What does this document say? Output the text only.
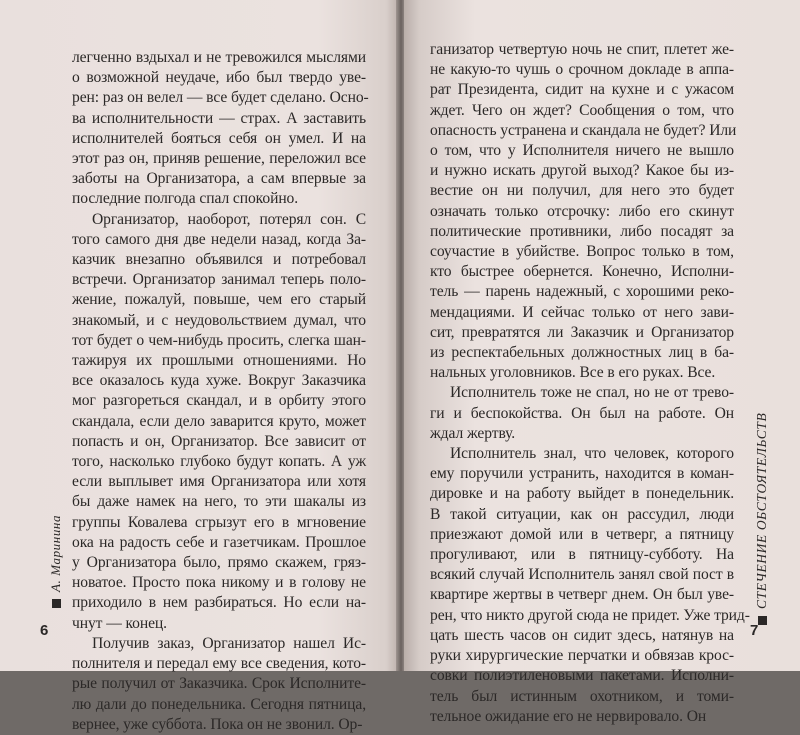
легченно вздыхал и не тревожился мыслями
о возможной неудаче, ибо был твердо уве-
рен: раз он велел — все будет сделано. Осно-
ва исполнительности — страх. А заставить
исполнителей бояться себя он умел. И на
этот раз он, приняв решение, переложил все
заботы на Организатора, а сам впервые за
последние полгода спал спокойно.
Организатор, наоборот, потерял сон. С
того самого дня две недели назад, когда За-
казчик внезапно объявился и потребовал
встречи. Организатор занимал теперь поло-
жение, пожалуй, повыше, чем его старый
знакомый, и с неудовольствием думал, что
тот будет о чем-нибудь просить, слегка шан-
тажируя их прошлыми отношениями. Но
все оказалось куда хуже. Вокруг Заказчика
мог разгореться скандал, и в орбиту этого
скандала, если дело заварится круто, может
попасть и он, Организатор. Все зависит от
того, насколько глубоко будут копать. А уж
если выплывет имя Организатора или хотя
бы даже намек на него, то эти шакалы из
группы Ковалева сгрызут его в мгновение
ока на радость себе и газетчикам. Прошлое
у Организатора было, прямо скажем, гряз-
новатое. Просто пока никому и в голову не
приходило в нем разбираться. Но если на-
чнут — конец.
Получив заказ, Организатор нашел Ис-
полнителя и передал ему все сведения, кото-
рые получил от Заказчика. Срок Исполните-
лю дали до понедельника. Сегодня пятница,
вернее, уже суббота. Пока он не звонил. Ор-
А. Маринина
6
ганизатор четвертую ночь не спит, плетет же-
не какую-то чушь о срочном докладе в аппа-
рат Президента, сидит на кухне и с ужасом
ждет. Чего он ждет? Сообщения о том, что
опасность устранена и скандала не будет? Или
о том, что у Исполнителя ничего не вышло
и нужно искать другой выход? Какое бы из-
вестие он ни получил, для него это будет
означать только отсрочку: либо его скинут
политические противники, либо посадят за
соучастие в убийстве. Вопрос только в том,
кто быстрее обернется. Конечно, Исполни-
тель — парень надежный, с хорошими реко-
мендациями. И сейчас только от него зави-
сит, превратятся ли Заказчик и Организатор
из респектабельных должностных лиц в ба-
нальных уголовников. Все в его руках. Все.
Исполнитель тоже не спал, но не от трево-
ги и беспокойства. Он был на работе. Он
ждал жертву.
Исполнитель знал, что человек, которого
ему поручили устранить, находится в коман-
дировке и на работу выйдет в понедельник.
В такой ситуации, как он рассудил, люди
приезжают домой или в четверг, а пятницу
прогуливают, или в пятницу-субботу. На
всякий случай Исполнитель занял свой пост в
квартире жертвы в четверг днем. Он был уве-
рен, что никто другой сюда не придет. Уже трид-
цать шесть часов он сидит здесь, натянув на
руки хирургические перчатки и обвязав крос-
совки полиэтиленовыми пакетами. Исполни-
тель был истинным охотником, и томи-
тельное ожидание его не нервировало. Он
СТЕЧЕНИЕ ОБСТОЯТЕЛЬСТВ
7
